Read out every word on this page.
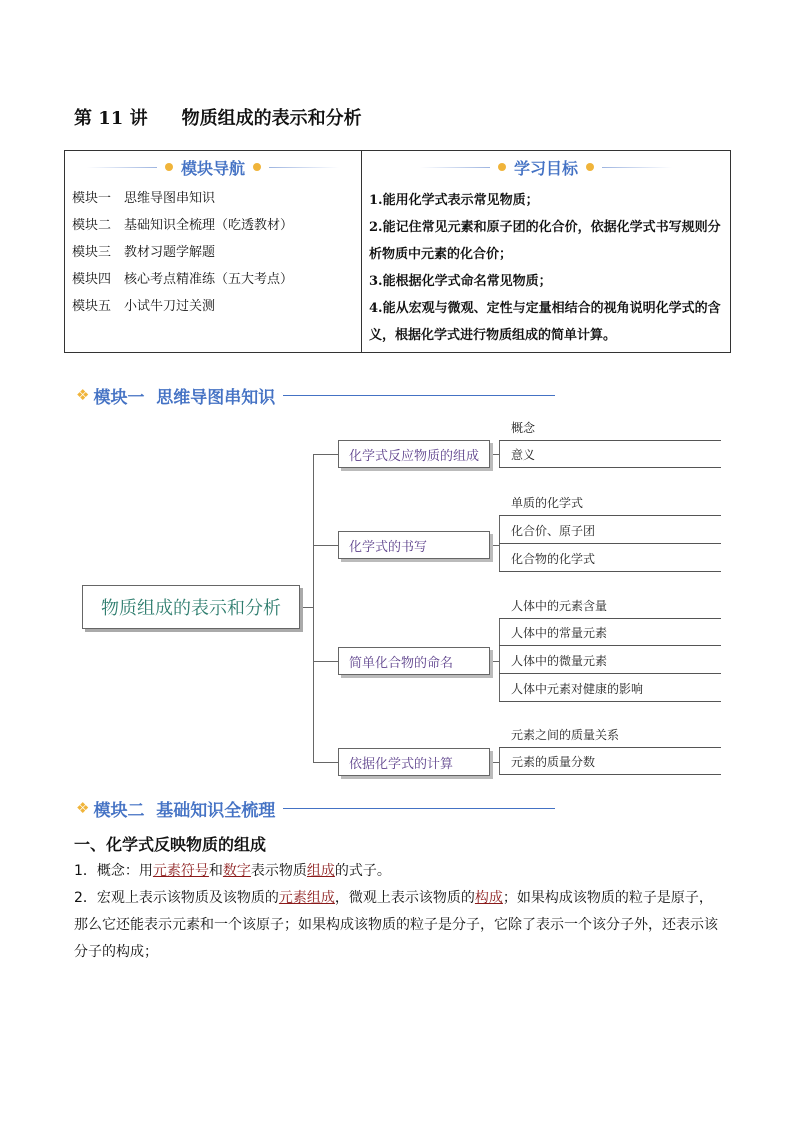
第 11 讲 物质组成的表示和分析
模块导航	学习目标
模块一　思维导图串知识
模块二　基础知识全梳理（吃透教材）
模块三　教材习题学解题
模块四　核心考点精准练（五大考点）
模块五　小试牛刀过关测
1.能用化学式表示常见物质；
2.能记住常见元素和原子团的化合价，依据化学式书写规则分析物质中元素的化合价；
3.能根据化学式命名常见物质；
4.能从宏观与微观、定性与定量相结合的视角说明化学式的含义，根据化学式进行物质组成的简单计算。
❖ 模块一  思维导图串知识
物质组成的表示和分析
化学式反应物质的组成
化学式的书写
简单化合物的命名
依据化学式的计算
概念
意义
单质的化学式
化合价、原子团
化合物的化学式
人体中的元素含量
人体中的常量元素
人体中的微量元素
人体中元素对健康的影响
元素之间的质量关系
元素的质量分数
❖ 模块二  基础知识全梳理
一、化学式反映物质的组成
1．概念：用元素符号和数字表示物质组成的式子。
2．宏观上表示该物质及该物质的元素组成，微观上表示该物质的构成；如果构成该物质的粒子是原子，那么它还能表示元素和一个该原子；如果构成该物质的粒子是分子，它除了表示一个该分子外，还表示该分子的构成；
